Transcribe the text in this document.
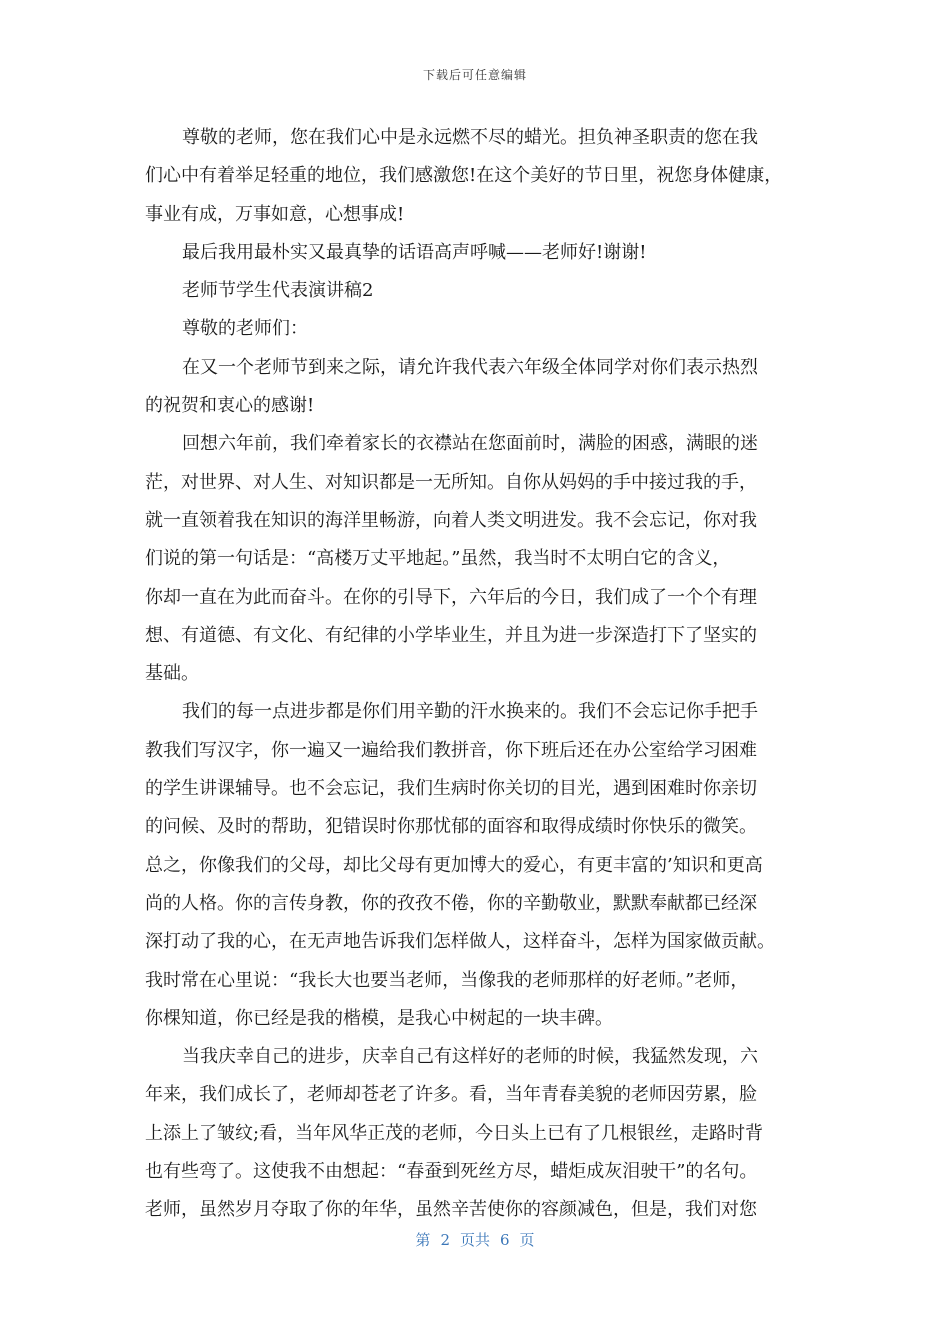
下载后可任意编辑
尊敬的老师，您在我们心中是永远燃不尽的蜡光。担负神圣职责的您在我
们心中有着举足轻重的地位，我们感激您!在这个美好的节日里，祝您身体健康，
事业有成，万事如意，心想事成!
最后我用最朴实又最真挚的话语高声呼喊——老师好!谢谢!
老师节学生代表演讲稿2
尊敬的老师们：
在又一个老师节到来之际，请允许我代表六年级全体同学对你们表示热烈
的祝贺和衷心的感谢!
回想六年前，我们牵着家长的衣襟站在您面前时，满脸的困惑，满眼的迷
茫，对世界、对人生、对知识都是一无所知。自你从妈妈的手中接过我的手，
就一直领着我在知识的海洋里畅游，向着人类文明进发。我不会忘记，你对我
们说的第一句话是：“高楼万丈平地起。”虽然，我当时不太明白它的含义，
你却一直在为此而奋斗。在你的引导下，六年后的今日，我们成了一个个有理
想、有道德、有文化、有纪律的小学毕业生，并且为进一步深造打下了坚实的
基础。
我们的每一点进步都是你们用辛勤的汗水换来的。我们不会忘记你手把手
教我们写汉字，你一遍又一遍给我们教拼音，你下班后还在办公室给学习困难
的学生讲课辅导。也不会忘记，我们生病时你关切的目光，遇到困难时你亲切
的问候、及时的帮助，犯错误时你那忧郁的面容和取得成绩时你快乐的微笑。
总之，你像我们的父母，却比父母有更加博大的爱心，有更丰富的’知识和更高
尚的人格。你的言传身教，你的孜孜不倦，你的辛勤敬业，默默奉献都已经深
深打动了我的心，在无声地告诉我们怎样做人，这样奋斗，怎样为国家做贡献。
我时常在心里说：“我长大也要当老师，当像我的老师那样的好老师。”老师，
你棵知道，你已经是我的楷模，是我心中树起的一块丰碑。
当我庆幸自己的进步，庆幸自己有这样好的老师的时候，我猛然发现，六
年来，我们成长了，老师却苍老了许多。看，当年青春美貌的老师因劳累，脸
上添上了皱纹;看，当年风华正茂的老师，今日头上已有了几根银丝，走路时背
也有些弯了。这使我不由想起：“春蚕到死丝方尽，蜡炬成灰泪驶干”的名句。
老师，虽然岁月夺取了你的年华，虽然辛苦使你的容颜减色，但是，我们对您
第 2 页共 6 页
